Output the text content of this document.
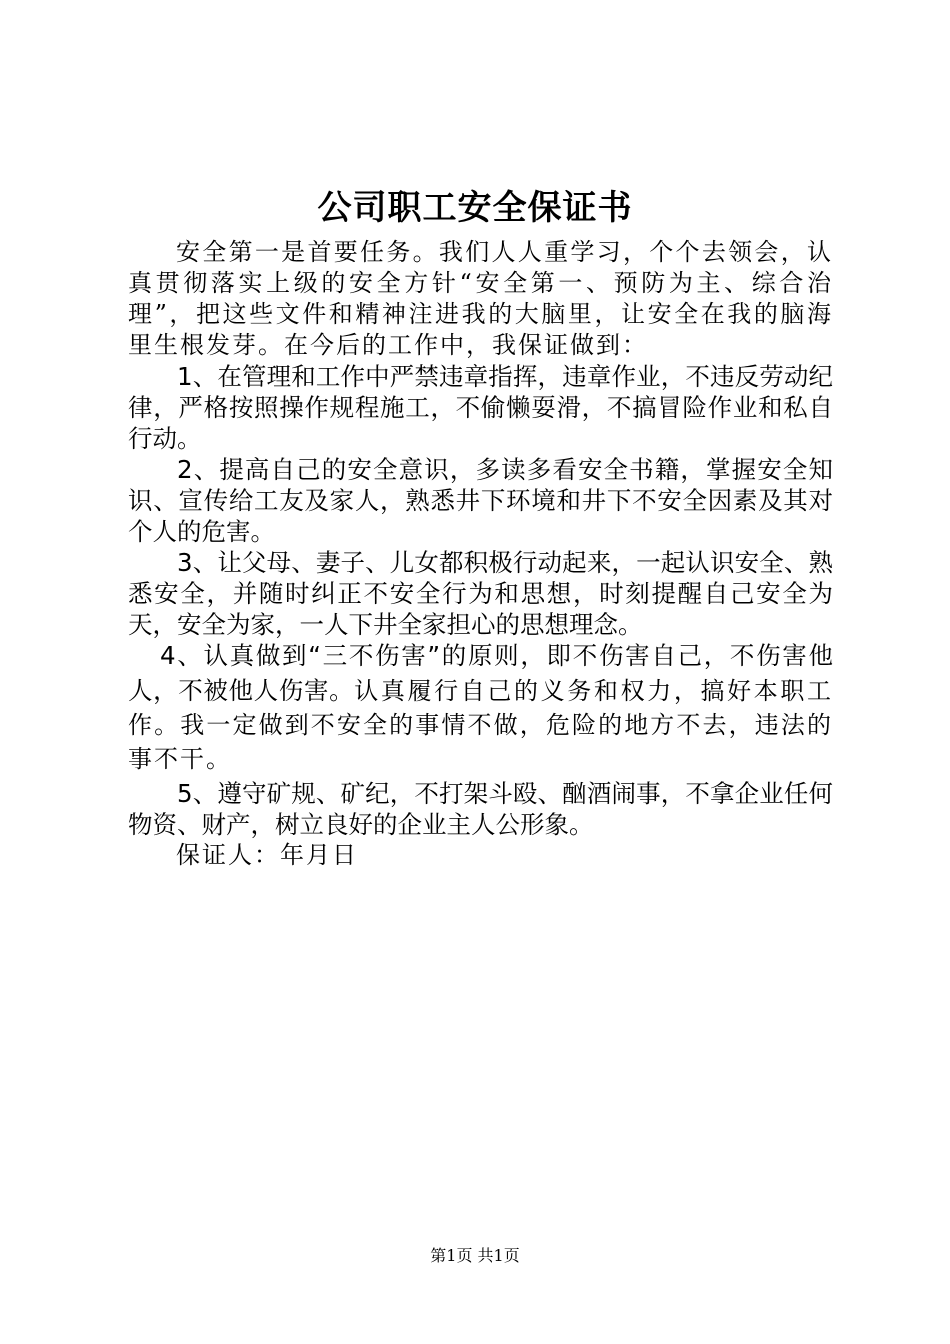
公司职工安全保证书

安全第一是首要任务。我们人人重学习，个个去领会，认真贯彻落实上级的安全方针“安全第一、预防为主、综合治理”，把这些文件和精神注进我的大脑里，让安全在我的脑海里生根发芽。在今后的工作中，我保证做到：

1、在管理和工作中严禁违章指挥，违章作业，不违反劳动纪律，严格按照操作规程施工，不偷懒耍滑，不搞冒险作业和私自行动。

2、提高自己的安全意识，多读多看安全书籍，掌握安全知识、宣传给工友及家人，熟悉井下环境和井下不安全因素及其对个人的危害。

3、让父母、妻子、儿女都积极行动起来，一起认识安全、熟悉安全，并随时纠正不安全行为和思想，时刻提醒自己安全为天，安全为家，一人下井全家担心的思想理念。

4、认真做到“三不伤害”的原则，即不伤害自己，不伤害他人，不被他人伤害。认真履行自己的义务和权力，搞好本职工作。我一定做到不安全的事情不做，危险的地方不去，违法的事不干。

5、遵守矿规、矿纪，不打架斗殴、酗酒闹事，不拿企业任何物资、财产，树立良好的企业主人公形象。

保证人：年月日

第1页 共1页
